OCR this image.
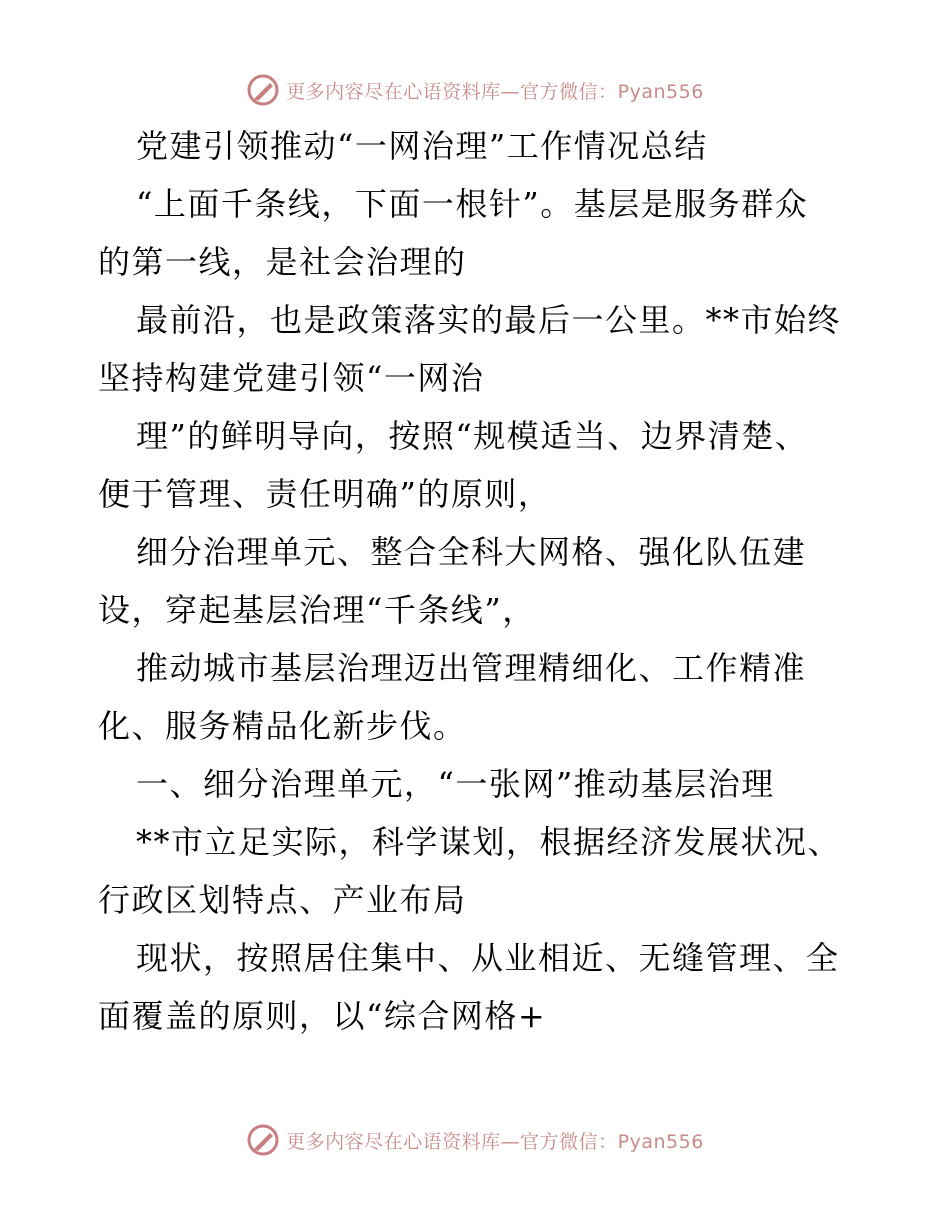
更多内容尽在心语资料库—官方微信：Pyan556
党建引领推动“一网治理”工作情况总结
“上面千条线，下面一根针”。基层是服务群众
的第一线，是社会治理的
最前沿，也是政策落实的最后一公里。**市始终
坚持构建党建引领“一网治
理”的鲜明导向，按照“规模适当、边界清楚、
便于管理、责任明确”的原则，
细分治理单元、整合全科大网格、强化队伍建
设，穿起基层治理“千条线”，
推动城市基层治理迈出管理精细化、工作精准
化、服务精品化新步伐。
一、细分治理单元，“一张网”推动基层治理
**市立足实际，科学谋划，根据经济发展状况、
行政区划特点、产业布局
现状，按照居住集中、从业相近、无缝管理、全
面覆盖的原则，以“综合网格+
更多内容尽在心语资料库—官方微信：Pyan556
